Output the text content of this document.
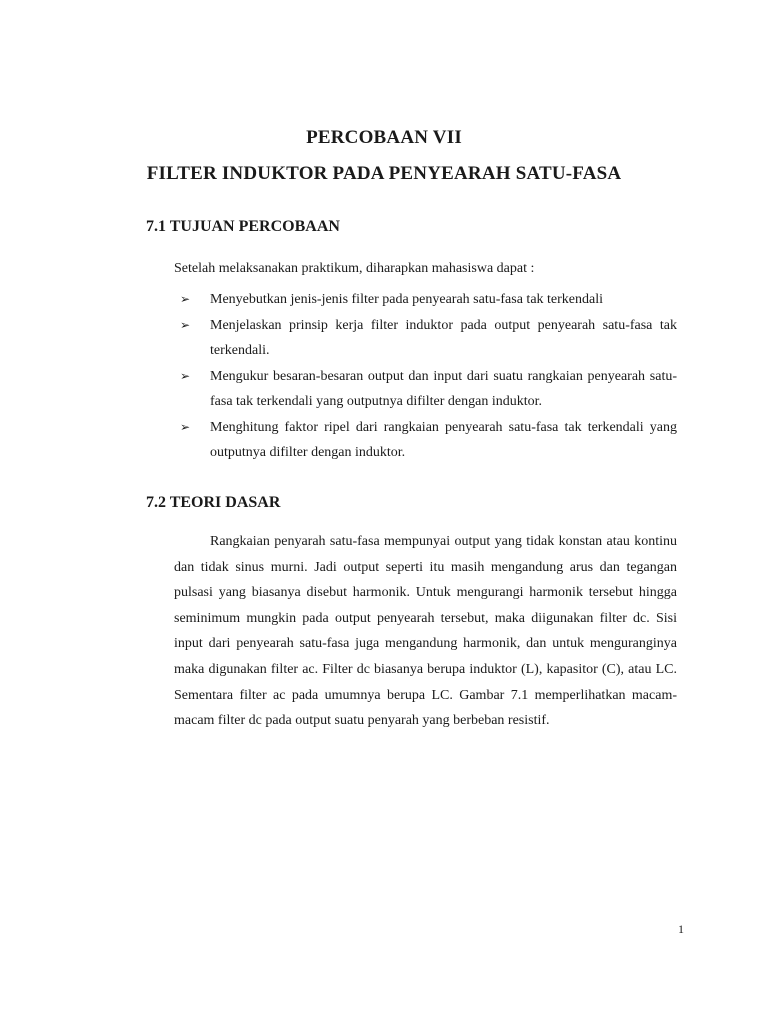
PERCOBAAN VII
FILTER INDUKTOR PADA PENYEARAH SATU-FASA
7.1 TUJUAN PERCOBAAN

Setelah melaksanakan praktikum, diharapkan mahasiswa dapat :

➢	Menyebutkan jenis-jenis filter pada penyearah satu-fasa tak terkendali
➢	Menjelaskan prinsip kerja filter induktor pada output penyearah satu-fasa tak terkendali.
➢	Mengukur besaran-besaran output dan input dari suatu rangkaian penyearah satu-fasa tak terkendali yang outputnya difilter dengan induktor.
➢	Menghitung faktor ripel dari rangkaian penyearah satu-fasa tak terkendali yang outputnya difilter dengan induktor.
7.2 TEORI DASAR

Rangkaian penyarah satu-fasa mempunyai output yang tidak konstan atau kontinu dan tidak sinus murni. Jadi output seperti itu masih mengandung arus dan tegangan pulsasi yang biasanya disebut harmonik. Untuk mengurangi harmonik tersebut hingga seminimum mungkin pada output penyearah tersebut, maka diigunakan filter dc. Sisi input dari penyearah satu-fasa juga mengandung harmonik, dan untuk menguranginya maka digunakan filter ac. Filter dc biasanya berupa induktor (L), kapasitor (C), atau LC. Sementara filter ac pada umumnya berupa LC. Gambar 7.1 memperlihatkan macam-macam filter dc pada output suatu penyarah yang berbeban resistif.

1
